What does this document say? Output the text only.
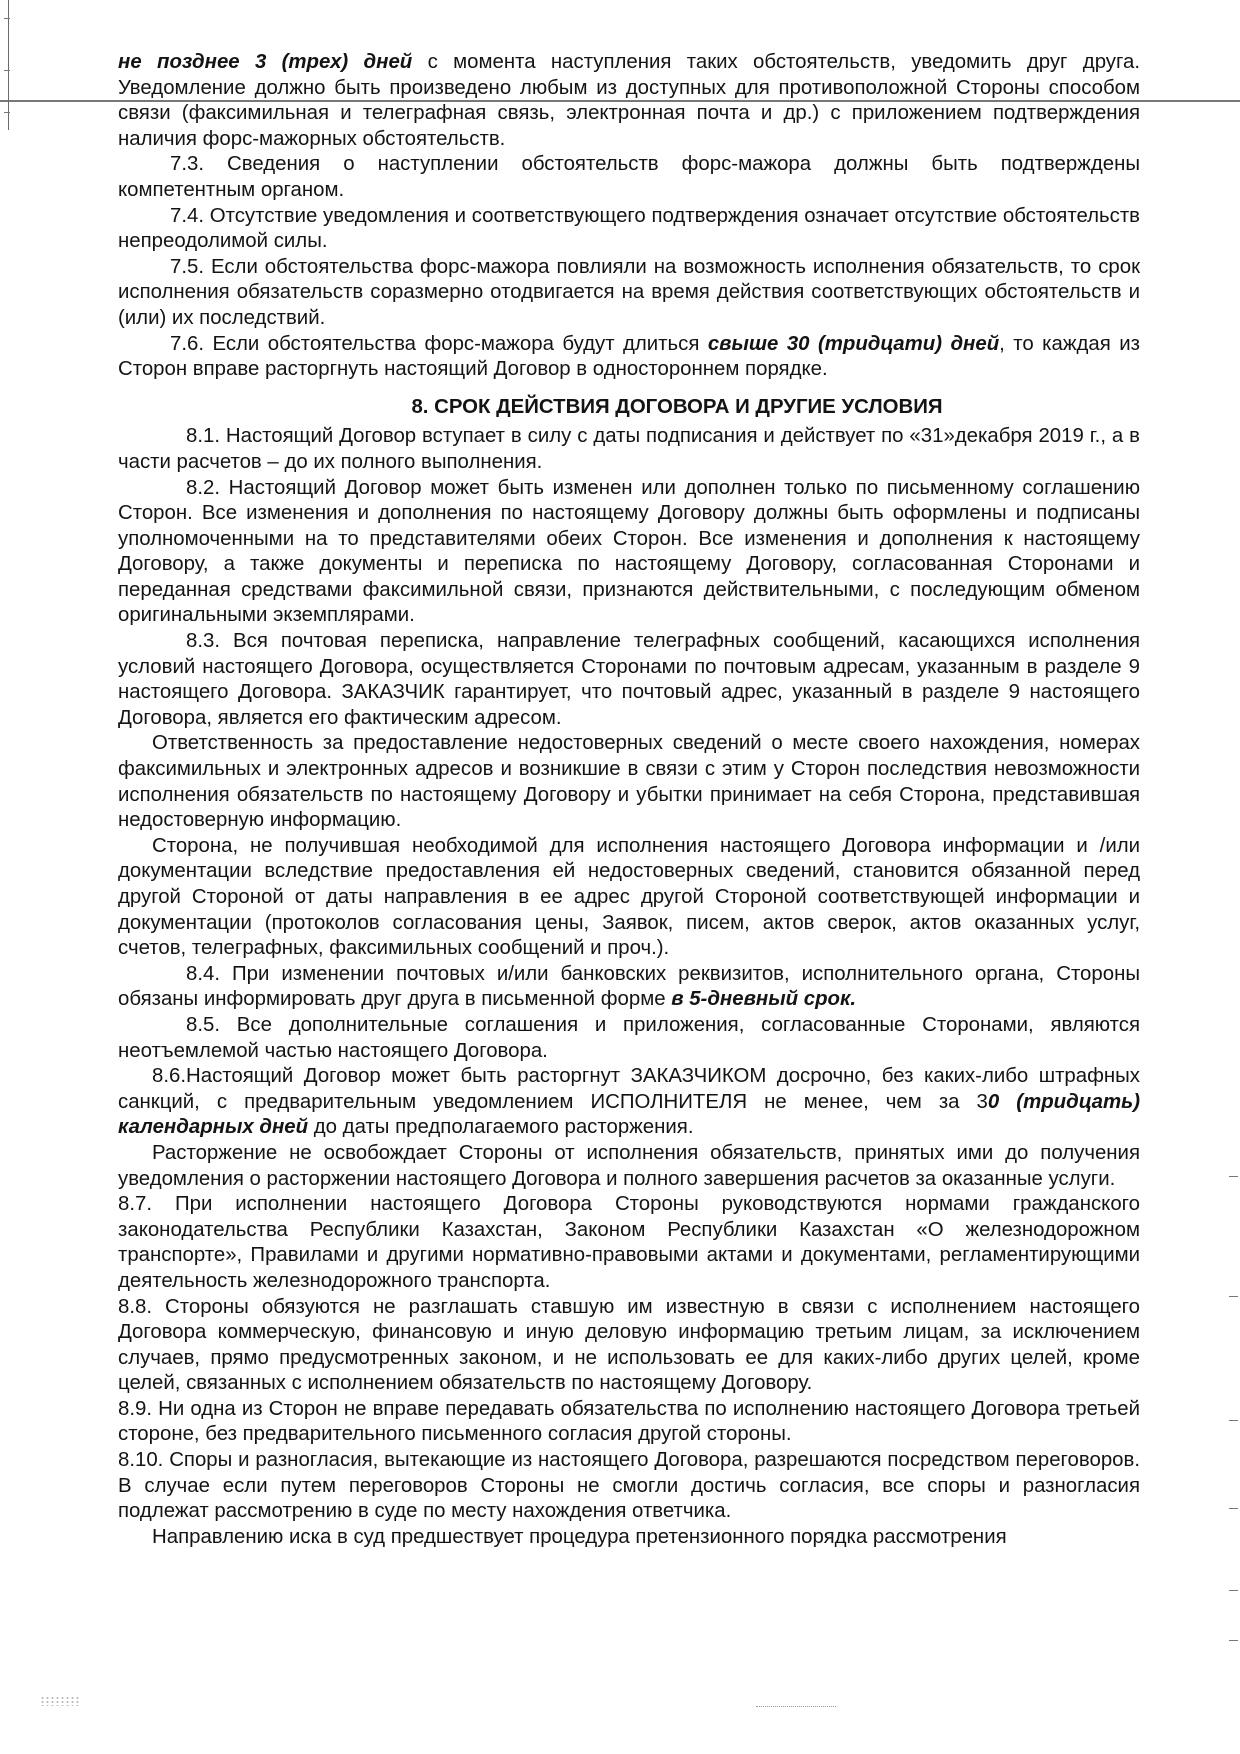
не позднее 3 (трех) дней с момента наступления таких обстоятельств, уведомить друг друга. Уведомление должно быть произведено любым из доступных для противоположной Стороны способом связи (факсимильная и телеграфная связь, электронная почта и др.) с приложением подтверждения наличия форс-мажорных обстоятельств.

7.3. Сведения о наступлении обстоятельств форс-мажора должны быть подтверждены компетентным органом.

7.4. Отсутствие уведомления и соответствующего подтверждения означает отсутствие обстоятельств непреодолимой силы.

7.5. Если обстоятельства форс-мажора повлияли на возможность исполнения обязательств, то срок исполнения обязательств соразмерно отодвигается на время действия соответствующих обстоятельств и (или) их последствий.

7.6. Если обстоятельства форс-мажора будут длиться свыше 30 (тридцати) дней, то каждая из Сторон вправе расторгнуть настоящий Договор в одностороннем порядке.

8. СРОК ДЕЙСТВИЯ ДОГОВОРА И ДРУГИЕ УСЛОВИЯ

8.1. Настоящий Договор вступает в силу с даты подписания и действует по «31»декабря 2019 г., а в части расчетов – до их полного выполнения.

8.2. Настоящий Договор может быть изменен или дополнен только по письменному соглашению Сторон. Все изменения и дополнения по настоящему Договору должны быть оформлены и подписаны уполномоченными на то представителями обеих Сторон. Все изменения и дополнения к настоящему Договору, а также документы и переписка по настоящему Договору, согласованная Сторонами и переданная средствами факсимильной связи, признаются действительными, с последующим обменом оригинальными экземплярами.

8.3. Вся почтовая переписка, направление телеграфных сообщений, касающихся исполнения условий настоящего Договора, осуществляется Сторонами по почтовым адресам, указанным в разделе 9 настоящего Договора. ЗАКАЗЧИК гарантирует, что почтовый адрес, указанный в разделе 9 настоящего Договора, является его фактическим адресом.

Ответственность за предоставление недостоверных сведений о месте своего нахождения, номерах факсимильных и электронных адресов и возникшие в связи с этим у Сторон последствия невозможности исполнения обязательств по настоящему Договору и убытки принимает на себя Сторона, представившая недостоверную информацию.

Сторона, не получившая необходимой для исполнения настоящего Договора информации и /или документации вследствие предоставления ей недостоверных сведений, становится обязанной перед другой Стороной от даты направления в ее адрес другой Стороной соответствующей информации и документации (протоколов согласования цены, Заявок, писем, актов сверок, актов оказанных услуг, счетов, телеграфных, факсимильных сообщений и проч.).

8.4. При изменении почтовых и/или банковских реквизитов, исполнительного органа, Стороны обязаны информировать друг друга в письменной форме в 5-дневный срок.

8.5. Все дополнительные соглашения и приложения, согласованные Сторонами, являются неотъемлемой частью настоящего Договора.

8.6.Настоящий Договор может быть расторгнут ЗАКАЗЧИКОМ досрочно, без каких-либо штрафных санкций, с предварительным уведомлением ИСПОЛНИТЕЛЯ не менее, чем за 30 (тридцать) календарных дней до даты предполагаемого расторжения.

Расторжение не освобождает Стороны от исполнения обязательств, принятых ими до получения уведомления о расторжении настоящего Договора и полного завершения расчетов за оказанные услуги.

8.7. При исполнении настоящего Договора Стороны руководствуются нормами гражданского законодательства Республики Казахстан, Законом Республики Казахстан «О железнодорожном транспорте», Правилами и другими нормативно-правовыми актами и документами, регламентирующими деятельность железнодорожного транспорта.

8.8. Стороны обязуются не разглашать ставшую им известную в связи с исполнением настоящего Договора коммерческую, финансовую и иную деловую информацию третьим лицам, за исключением случаев, прямо предусмотренных законом, и не использовать ее для каких-либо других целей, кроме целей, связанных с исполнением обязательств по настоящему Договору.

8.9. Ни одна из Сторон не вправе передавать обязательства по исполнению настоящего Договора третьей стороне, без предварительного письменного согласия другой стороны.

8.10. Споры и разногласия, вытекающие из настоящего Договора, разрешаются посредством переговоров. В случае если путем переговоров Стороны не смогли достичь согласия, все споры и разногласия подлежат рассмотрению в суде по месту нахождения ответчика.

Направлению иска в суд предшествует процедура претензионного порядка рассмотрения
